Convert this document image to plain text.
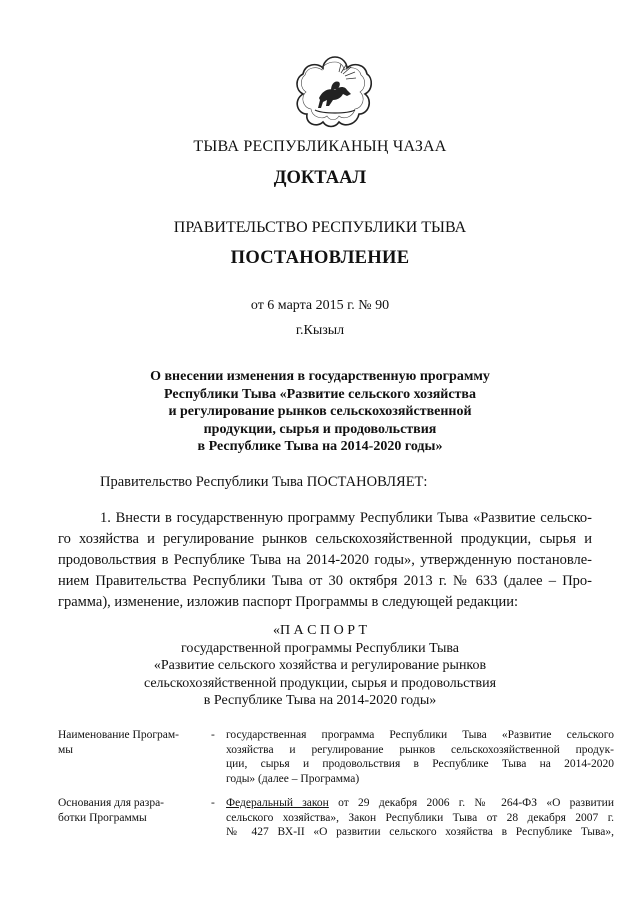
ТЫВА РЕСПУБЛИКАНЫҢ ЧАЗАА
ДОКТААЛ
ПРАВИТЕЛЬСТВО РЕСПУБЛИКИ ТЫВА
ПОСТАНОВЛЕНИЕ
от 6 марта 2015 г. № 90
г.Кызыл
О внесении изменения в государственную программу
Республики Тыва «Развитие сельского хозяйства
и регулирование рынков сельскохозяйственной
продукции, сырья и продовольствия
в Республике Тыва на 2014-2020 годы»
Правительство Республики Тыва ПОСТАНОВЛЯЕТ:
1. Внести в государственную программу Республики Тыва «Развитие сельско-
го хозяйства и регулирование рынков сельскохозяйственной продукции, сырья и
продовольствия в Республике Тыва на 2014-2020 годы», утвержденную постановле-
нием Правительства Республики Тыва от 30 октября 2013 г. № 633 (далее – Про-
грамма), изменение, изложив паспорт Программы в следующей редакции:
«П А С П О Р Т
государственной программы Республики Тыва
«Развитие сельского хозяйства и регулирование рынков
сельскохозяйственной продукции, сырья и продовольствия
в Республике Тыва на 2014-2020 годы»
Наименование Програм-
мы
- государственная программа Республики Тыва «Развитие сельского
хозяйства и регулирование рынков сельскохозяйственной продук-
ции, сырья и продовольствия в Республике Тыва на 2014-2020
годы» (далее – Программа)
Основания для разра-
ботки Программы
- Федеральный закон от 29 декабря 2006 г. № 264-ФЗ «О развитии
сельского хозяйства», Закон Республики Тыва от 28 декабря 2007 г.
№ 427 ВХ-II «О развитии сельского хозяйства в Республике Тыва»,
